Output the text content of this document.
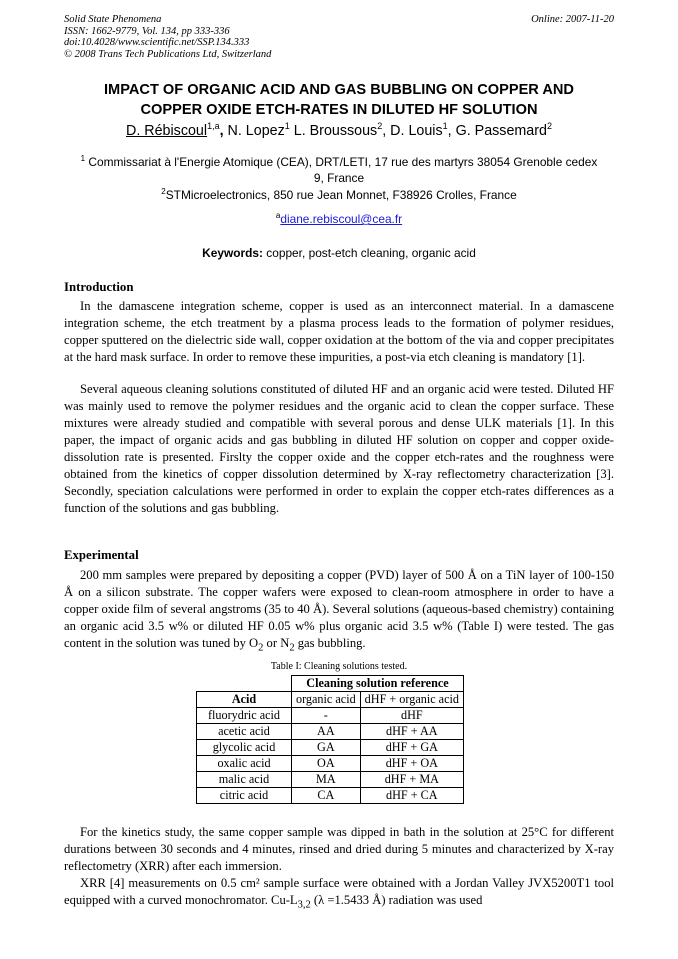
Solid State Phenomena
ISSN: 1662-9779, Vol. 134, pp 333-336
doi:10.4028/www.scientific.net/SSP.134.333
© 2008 Trans Tech Publications Ltd, Switzerland
Online: 2007-11-20
IMPACT OF ORGANIC ACID AND GAS BUBBLING ON COPPER AND
COPPER OXIDE ETCH-RATES IN DILUTED HF SOLUTION
D. Rébiscoul$^{1,a}$, N. Lopez$^1$ L. Broussous$^2$, D. Louis$^1$, G. Passemard$^2$
$^1$ Commissariat à l'Energie Atomique (CEA), DRT/LETI, 17 rue des martyrs 38054 Grenoble cedex
9, France
$^2$STMicroelectronics, 850 rue Jean Monnet, F38926 Crolles, France
$^a$diane.rebiscoul@cea.fr
Keywords: copper, post-etch cleaning, organic acid
Introduction

In the damascene integration scheme, copper is used as an interconnect material. In a damascene integration scheme, the etch treatment by a plasma process leads to the formation of polymer residues, copper sputtered on the dielectric side wall, copper oxidation at the bottom of the via and copper precipitates at the hard mask surface. In order to remove these impurities, a post-via etch cleaning is mandatory [1].

Several aqueous cleaning solutions constituted of diluted HF and an organic acid were tested. Diluted HF was mainly used to remove the polymer residues and the organic acid to clean the copper surface. These mixtures were already studied and compatible with several porous and dense ULK materials [1]. In this paper, the impact of organic acids and gas bubbling in diluted HF solution on copper and copper oxide-dissolution rate is presented. Firslty the copper oxide and the copper etch-rates and the roughness were obtained from the kinetics of copper dissolution determined by X-ray reflectometry characterization [3]. Secondly, speciation calculations were performed in order to explain the copper etch-rates differences as a function of the solutions and gas bubbling.

Experimental

200 mm samples were prepared by depositing a copper (PVD) layer of 500 Å on a TiN layer of 100-150 Å on a silicon substrate. The copper wafers were exposed to clean-room atmosphere in order to have a copper oxide film of several angstroms (35 to 40 Å). Several solutions (aqueous-based chemistry) containing an organic acid 3.5 w% or diluted HF 0.05 w% plus organic acid 3.5 w% (Table I) were tested. The gas content in the solution was tuned by $O_2$ or $N_2$ gas bubbling.

Table I: Cleaning solutions tested.
	Cleaning solution reference	
Acid	organic acid	dHF + organic acid
fluorydric acid	-	dHF
acetic acid	AA	dHF + AA
glycolic acid	GA	dHF + GA
oxalic acid	OA	dHF + OA
malic acid	MA	dHF + MA
citric acid	CA	dHF + CA

For the kinetics study, the same copper sample was dipped in bath in the solution at 25°C for different durations between 30 seconds and 4 minutes, rinsed and dried during 5 minutes and characterized by X-ray reflectometry (XRR) after each immersion.

XRR [4] measurements on 0.5 cm² sample surface were obtained with a Jordan Valley JVX5200T1 tool equipped with a curved monochromator. $Cu-L_{3,2}$ (λ =1.5433 Å) radiation was used
